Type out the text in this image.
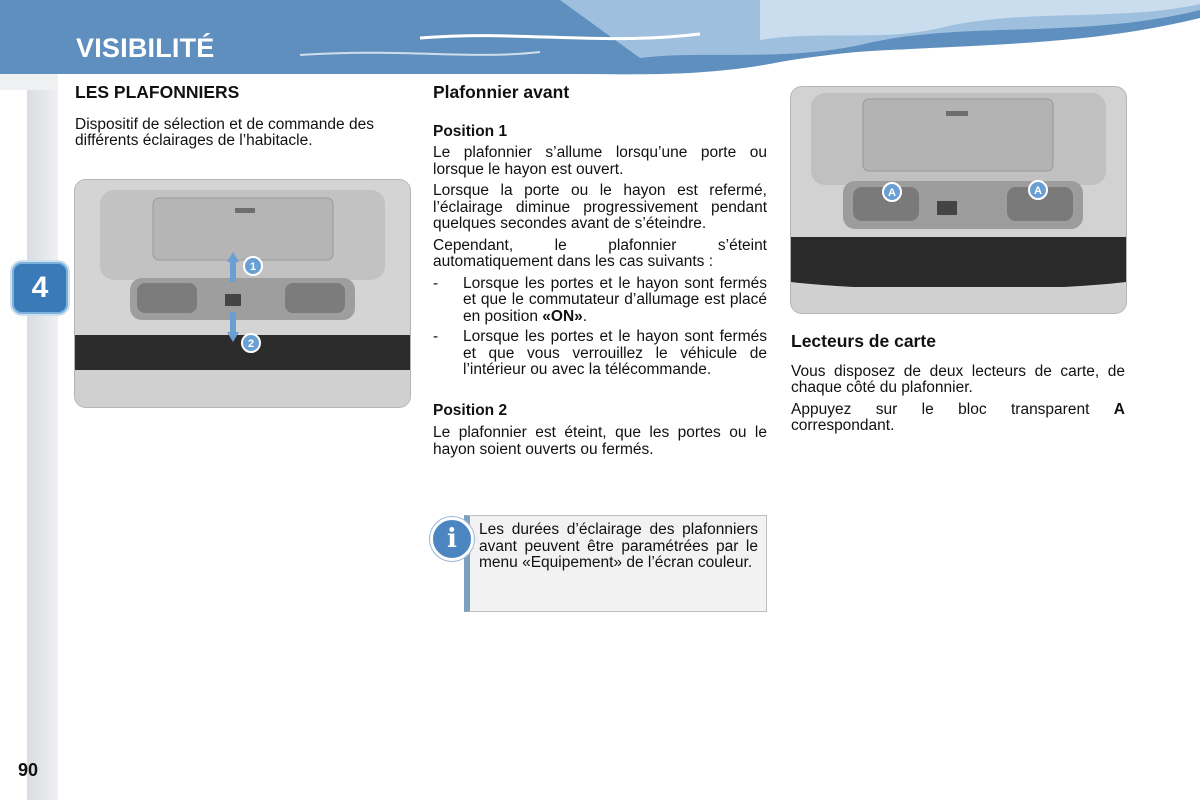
VISIBILITÉ
4
90
LES PLAFONNIERS

Dispositif de sélection et de commande des différents éclairages de l’habitacle.

1
2
Plafonnier avant
Position 1

Le plafonnier s’allume lorsqu’une porte ou lorsque le hayon est ouvert.

Lorsque la porte ou le hayon est refermé, l’éclairage diminue progressivement pendant quelques secondes avant de s’éteindre.

Cependant, le plafonnier s’éteint automatiquement dans les cas suivants :

- Lorsque les portes et le hayon sont fermés et que le commutateur d’allumage est placé en position «ON».
- Lorsque les portes et le hayon sont fermés et que vous verrouillez le véhicule de l’intérieur ou avec la télécommande.
Position 2

Le plafonnier est éteint, que les portes ou le hayon soient ouverts ou fermés.

i	Les durées d’éclairage des plafonniers avant peuvent être paramétrées par le menu «Equipement» de l’écran couleur.
A	A
Lecteurs de carte

Vous disposez de deux lecteurs de carte, de chaque côté du plafonnier.

Appuyez sur le bloc transparent A correspondant.
